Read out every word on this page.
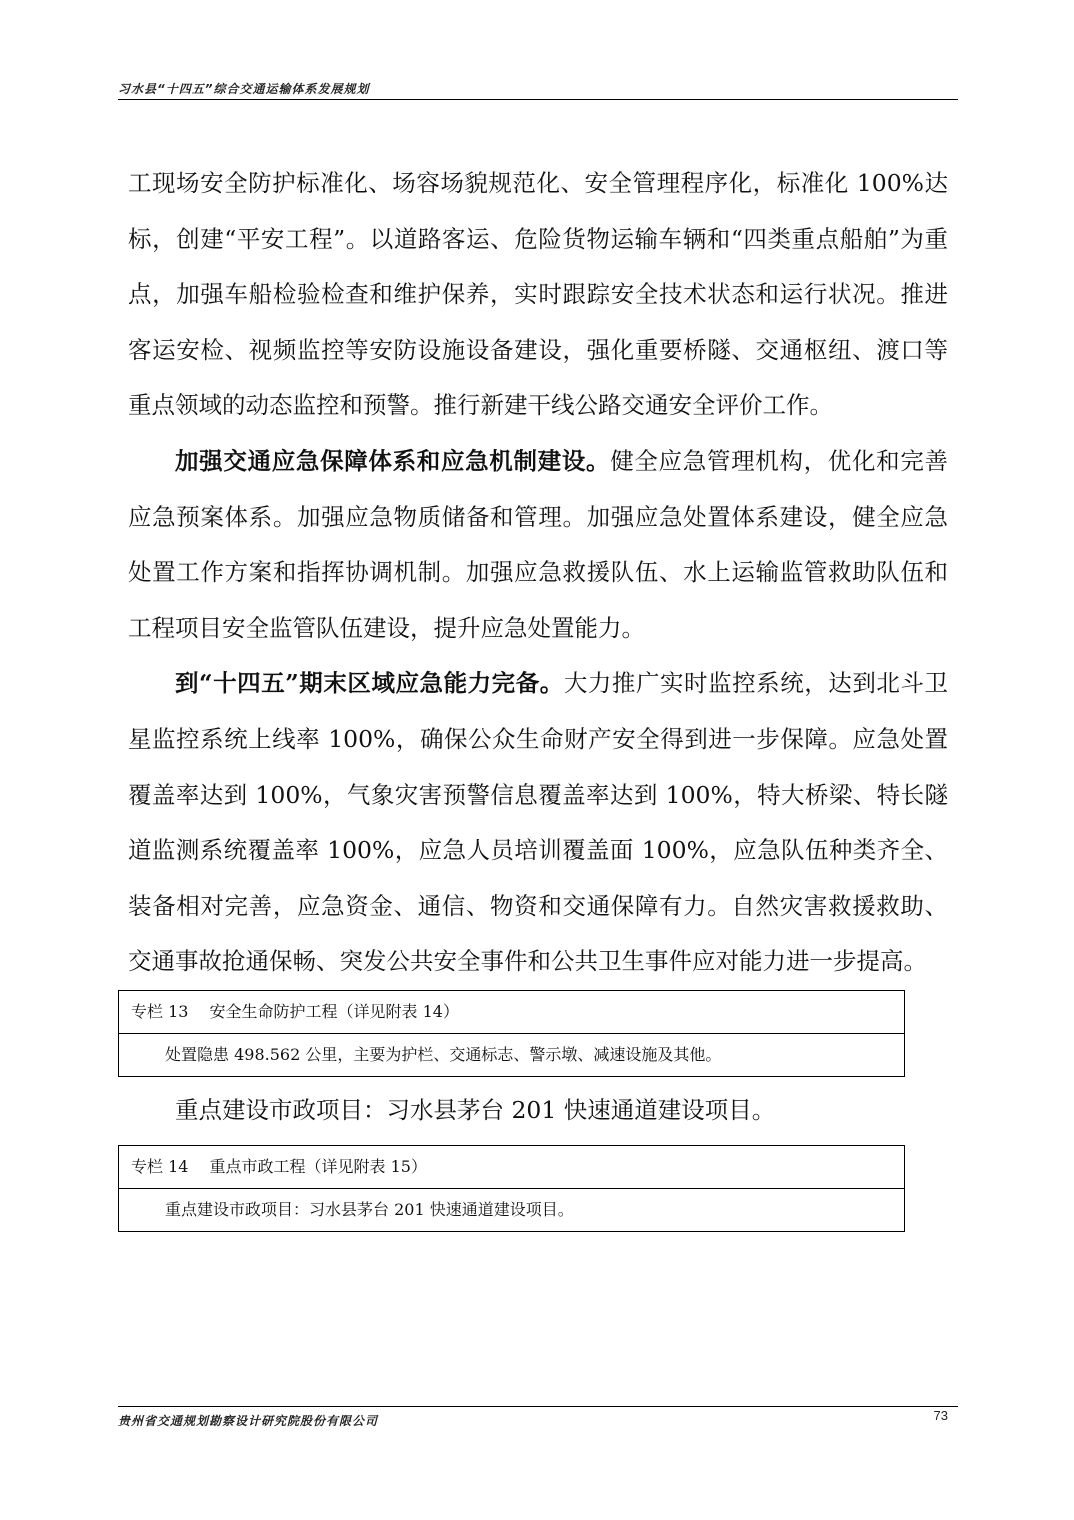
习水县“十四五”综合交通运输体系发展规划

工现场安全防护标准化、场容场貌规范化、安全管理程序化，标准化 100%达标，创建“平安工程”。以道路客运、危险货物运输车辆和“四类重点船舶”为重点，加强车船检验检查和维护保养，实时跟踪安全技术状态和运行状况。推进客运安检、视频监控等安防设施设备建设，强化重要桥隧、交通枢纽、渡口等重点领域的动态监控和预警。推行新建干线公路交通安全评价工作。

加强交通应急保障体系和应急机制建设。健全应急管理机构，优化和完善应急预案体系。加强应急物质储备和管理。加强应急处置体系建设，健全应急处置工作方案和指挥协调机制。加强应急救援队伍、水上运输监管救助队伍和工程项目安全监管队伍建设，提升应急处置能力。

到“十四五”期末区域应急能力完备。大力推广实时监控系统，达到北斗卫星监控系统上线率 100%，确保公众生命财产安全得到进一步保障。应急处置覆盖率达到 100%，气象灾害预警信息覆盖率达到 100%，特大桥梁、特长隧道监测系统覆盖率 100%，应急人员培训覆盖面 100%，应急队伍种类齐全、装备相对完善，应急资金、通信、物资和交通保障有力。自然灾害救援救助、交通事故抢通保畅、突发公共安全事件和公共卫生事件应对能力进一步提高。

专栏 13　 安全生命防护工程（详见附表 14）
处置隐患 498.562 公里，主要为护栏、交通标志、警示墩、减速设施及其他。

重点建设市政项目：习水县茅台 201 快速通道建设项目。

专栏 14　 重点市政工程（详见附表 15）
重点建设市政项目：习水县茅台 201 快速通道建设项目。
贵州省交通规划勘察设计研究院股份有限公司	73
